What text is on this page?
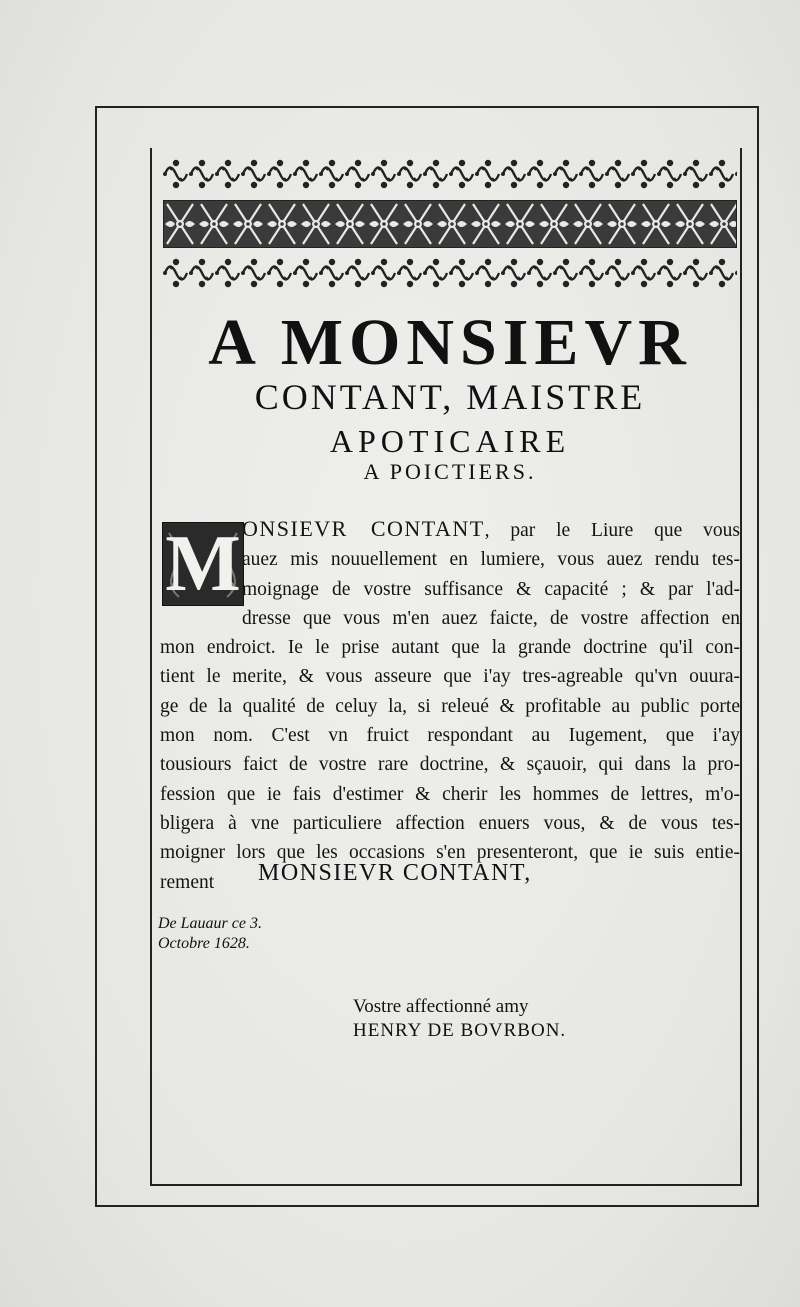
A MONSIEVR
CONTANT, MAISTRE
APOTICAIRE
A POICTIERS.
M ONSIEVR CONTANT, par le Liure que vous
auez mis nouuellement en lumiere, vous auez rendu tes-
moignage de vostre suffisance & capacité ; & par l'ad-
dresse que vous m'en auez faicte, de vostre affection en
mon endroict. Ie le prise autant que la grande doctrine qu'il con-
tient le merite, & vous asseure que i'ay tres-agreable qu'vn ouura-
ge de la qualité de celuy la, si releué & profitable au public porte
mon nom. C'est vn fruict respondant au Iugement, que i'ay
tousiours faict de vostre rare doctrine, & sçauoir, qui dans la pro-
fession que ie fais d'estimer & cherir les hommes de lettres, m'o-
bligera à vne particuliere affection enuers vous, & de vous tes-
moigner lors que les occasions s'en presenteront, que ie suis entie-
rement	MONSIEVR CONTANT,
De Lauaur ce 3.
Octobre 1628.
Vostre affectionné amy
HENRY DE BOVRBON.
